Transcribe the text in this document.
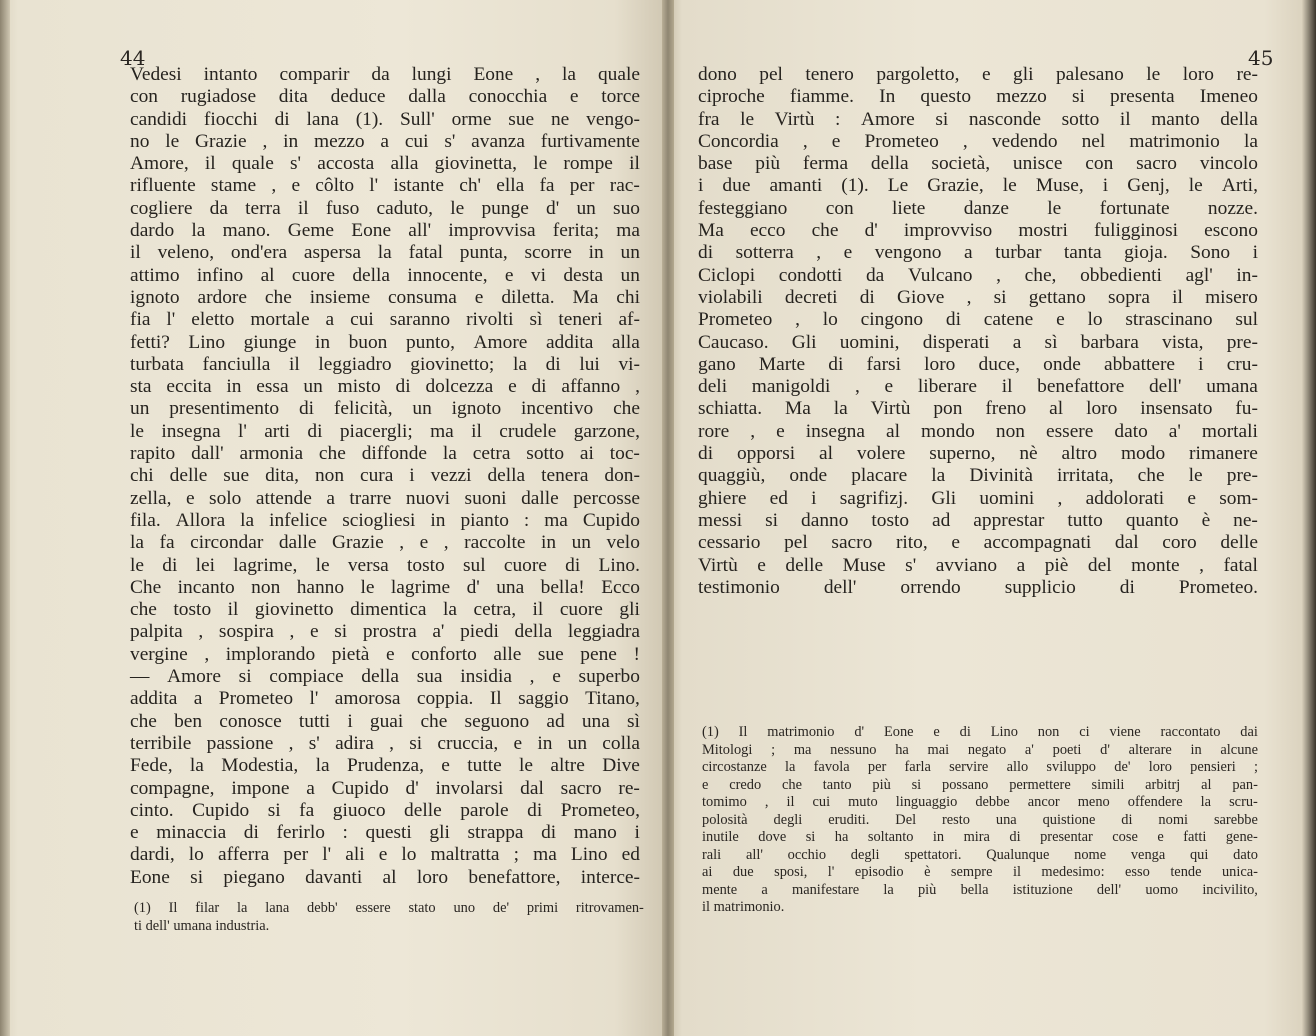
44
Vedesi intanto comparir da lungi Eone , la quale
con rugiadose dita deduce dalla conocchia e torce
candidi fiocchi di lana (1). Sull' orme sue ne vengo-
no le Grazie , in mezzo a cui s' avanza furtivamente
Amore, il quale s' accosta alla giovinetta, le rompe il
rifluente stame , e côlto l' istante ch' ella fa per rac-
cogliere da terra il fuso caduto, le punge d' un suo
dardo la mano. Geme Eone all' improvvisa ferita; ma
il veleno, ond'era aspersa la fatal punta, scorre in un
attimo infino al cuore della innocente, e vi desta un
ignoto ardore che insieme consuma e diletta. Ma chi
fia l' eletto mortale a cui saranno rivolti sì teneri af-
fetti? Lino giunge in buon punto, Amore addita alla
turbata fanciulla il leggiadro giovinetto; la di lui vi-
sta eccita in essa un misto di dolcezza e di affanno ,
un presentimento di felicità, un ignoto incentivo che
le insegna l' arti di piacergli; ma il crudele garzone,
rapito dall' armonia che diffonde la cetra sotto ai toc-
chi delle sue dita, non cura i vezzi della tenera don-
zella, e solo attende a trarre nuovi suoni dalle percosse
fila. Allora la infelice sciogliesi in pianto : ma Cupido
la fa circondar dalle Grazie , e , raccolte in un velo
le di lei lagrime, le versa tosto sul cuore di Lino.
Che incanto non hanno le lagrime d' una bella! Ecco
che tosto il giovinetto dimentica la cetra, il cuore gli
palpita , sospira , e si prostra a' piedi della leggiadra
vergine , implorando pietà e conforto alle sue pene !
— Amore si compiace della sua insidia , e superbo
addita a Prometeo l' amorosa coppia. Il saggio Titano,
che ben conosce tutti i guai che seguono ad una sì
terribile passione , s' adira , si cruccia, e in un colla
Fede, la Modestia, la Prudenza, e tutte le altre Dive
compagne, impone a Cupido d' involarsi dal sacro re-
cinto. Cupido si fa giuoco delle parole di Prometeo,
e minaccia di ferirlo : questi gli strappa di mano i
dardi, lo afferra per l' ali e lo maltratta ; ma Lino ed
Eone si piegano davanti al loro benefattore, interce-
(1) Il filar la lana debb' essere stato uno de' primi ritrovamen-
ti dell' umana industria.
45
dono pel tenero pargoletto, e gli palesano le loro re-
ciproche fiamme. In questo mezzo si presenta Imeneo
fra le Virtù : Amore si nasconde sotto il manto della
Concordia , e Prometeo , vedendo nel matrimonio la
base più ferma della società, unisce con sacro vincolo
i due amanti (1). Le Grazie, le Muse, i Genj, le Arti,
festeggiano con liete danze le fortunate nozze.
Ma ecco che d' improvviso mostri fuligginosi escono
di sotterra , e vengono a turbar tanta gioja. Sono i
Ciclopi condotti da Vulcano , che, obbedienti agl' in-
violabili decreti di Giove , si gettano sopra il misero
Prometeo , lo cingono di catene e lo strascinano sul
Caucaso. Gli uomini, disperati a sì barbara vista, pre-
gano Marte di farsi loro duce, onde abbattere i cru-
deli manigoldi , e liberare il benefattore dell' umana
schiatta. Ma la Virtù pon freno al loro insensato fu-
rore , e insegna al mondo non essere dato a' mortali
di opporsi al volere superno, nè altro modo rimanere
quaggiù, onde placare la Divinità irritata, che le pre-
ghiere ed i sagrifizj. Gli uomini , addolorati e som-
messi si danno tosto ad apprestar tutto quanto è ne-
cessario pel sacro rito, e accompagnati dal coro delle
Virtù e delle Muse s' avviano a piè del monte , fatal
testimonio dell' orrendo supplicio di Prometeo.
(1) Il matrimonio d' Eone e di Lino non ci viene raccontato dai
Mitologi ; ma nessuno ha mai negato a' poeti d' alterare in alcune
circostanze la favola per farla servire allo sviluppo de' loro pensieri ;
e credo che tanto più si possano permettere simili arbitrj al pan-
tomimo , il cui muto linguaggio debbe ancor meno offendere la scru-
polosità degli eruditi. Del resto una quistione di nomi sarebbe
inutile dove si ha soltanto in mira di presentar cose e fatti gene-
rali all' occhio degli spettatori. Qualunque nome venga qui dato
ai due sposi, l' episodio è sempre il medesimo: esso tende unica-
mente a manifestare la più bella istituzione dell' uomo incivilito,
il matrimonio.
